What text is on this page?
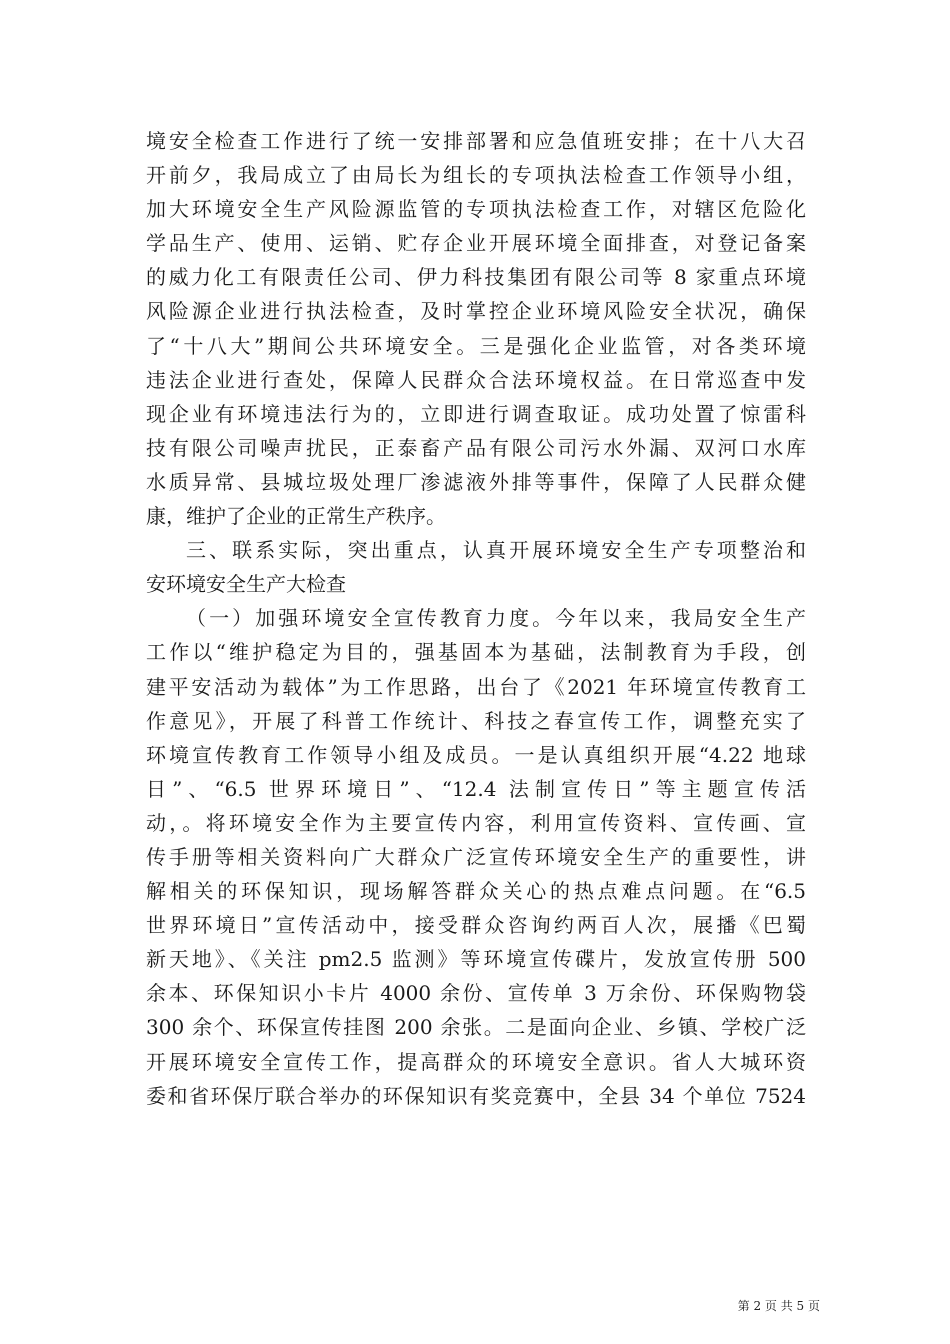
境安全检查工作进行了统一安排部署和应急值班安排；在十八大召
开前夕，我局成立了由局长为组长的专项执法检查工作领导小组，
加大环境安全生产风险源监管的专项执法检查工作，对辖区危险化
学品生产、使用、运销、贮存企业开展环境全面排查，对登记备案
的威力化工有限责任公司、伊力科技集团有限公司等 8 家重点环境
风险源企业进行执法检查，及时掌控企业环境风险安全状况，确保
了“十八大”期间公共环境安全。三是强化企业监管，对各类环境
违法企业进行查处，保障人民群众合法环境权益。在日常巡查中发
现企业有环境违法行为的，立即进行调查取证。成功处置了惊雷科
技有限公司噪声扰民，正泰畜产品有限公司污水外漏、双河口水库
水质异常、县城垃圾处理厂渗滤液外排等事件，保障了人民群众健
康，维护了企业的正常生产秩序。
三、联系实际，突出重点，认真开展环境安全生产专项整治和
安环境安全生产大检查
（一）加强环境安全宣传教育力度。今年以来，我局安全生产
工作以“维护稳定为目的，强基固本为基础，法制教育为手段，创
建平安活动为载体”为工作思路，出台了《2021 年环境宣传教育工
作意见》，开展了科普工作统计、科技之春宣传工作，调整充实了
环境宣传教育工作领导小组及成员。一是认真组织开展“4.22 地球
日”、“6.5 世界环境日”、“12.4 法制宣传日”等主题宣传活
动，。将环境安全作为主要宣传内容，利用宣传资料、宣传画、宣
传手册等相关资料向广大群众广泛宣传环境安全生产的重要性，讲
解相关的环保知识，现场解答群众关心的热点难点问题。在“6.5
世界环境日”宣传活动中，接受群众咨询约两百人次，展播《巴蜀
新天地》、《关注 pm2.5 监测》等环境宣传碟片，发放宣传册 500
余本、环保知识小卡片 4000 余份、宣传单 3 万余份、环保购物袋
300 余个、环保宣传挂图 200 余张。二是面向企业、乡镇、学校广泛
开展环境安全宣传工作，提高群众的环境安全意识。省人大城环资
委和省环保厅联合举办的环保知识有奖竞赛中，全县 34 个单位 7524
第 2 页 共 5 页
